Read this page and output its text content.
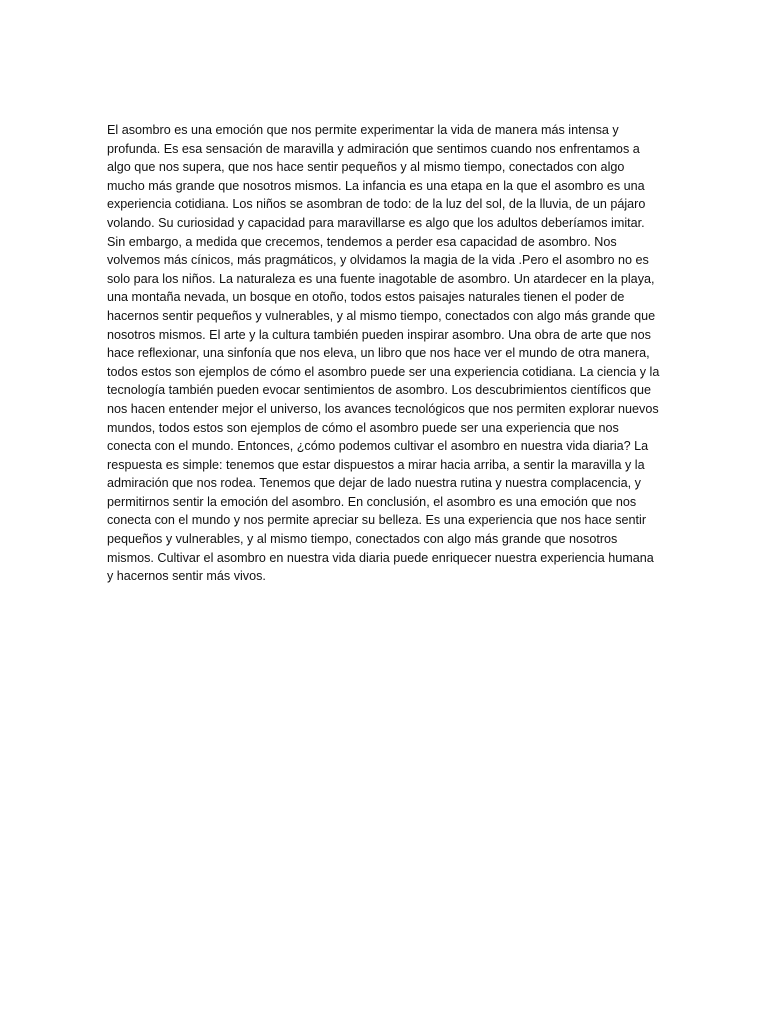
El asombro es una emoción que nos permite experimentar la vida de manera más intensa y profunda. Es esa sensación de maravilla y admiración que sentimos cuando nos enfrentamos a algo que nos supera, que nos hace sentir pequeños y al mismo tiempo, conectados con algo mucho más grande que nosotros mismos. La infancia es una etapa en la que el asombro es una experiencia cotidiana. Los niños se asombran de todo: de la luz del sol, de la lluvia, de un pájaro volando. Su curiosidad y capacidad para maravillarse es algo que los adultos deberíamos imitar. Sin embargo, a medida que crecemos, tendemos a perder esa capacidad de asombro. Nos volvemos más cínicos, más pragmáticos, y olvidamos la magia de la vida .Pero el asombro no es solo para los niños. La naturaleza es una fuente inagotable de asombro. Un atardecer en la playa, una montaña nevada, un bosque en otoño, todos estos paisajes naturales tienen el poder de hacernos sentir pequeños y vulnerables, y al mismo tiempo, conectados con algo más grande que nosotros mismos. El arte y la cultura también pueden inspirar asombro. Una obra de arte que nos hace reflexionar, una sinfonía que nos eleva, un libro que nos hace ver el mundo de otra manera, todos estos son ejemplos de cómo el asombro puede ser una experiencia cotidiana. La ciencia y la tecnología también pueden evocar sentimientos de asombro. Los descubrimientos científicos que nos hacen entender mejor el universo, los avances tecnológicos que nos permiten explorar nuevos mundos, todos estos son ejemplos de cómo el asombro puede ser una experiencia que nos conecta con el mundo. Entonces, ¿cómo podemos cultivar el asombro en nuestra vida diaria? La respuesta es simple: tenemos que estar dispuestos a mirar hacia arriba, a sentir la maravilla y la admiración que nos rodea. Tenemos que dejar de lado nuestra rutina y nuestra complacencia, y permitirnos sentir la emoción del asombro. En conclusión, el asombro es una emoción que nos conecta con el mundo y nos permite apreciar su belleza. Es una experiencia que nos hace sentir pequeños y vulnerables, y al mismo tiempo, conectados con algo más grande que nosotros mismos. Cultivar el asombro en nuestra vida diaria puede enriquecer nuestra experiencia humana y hacernos sentir más vivos.
